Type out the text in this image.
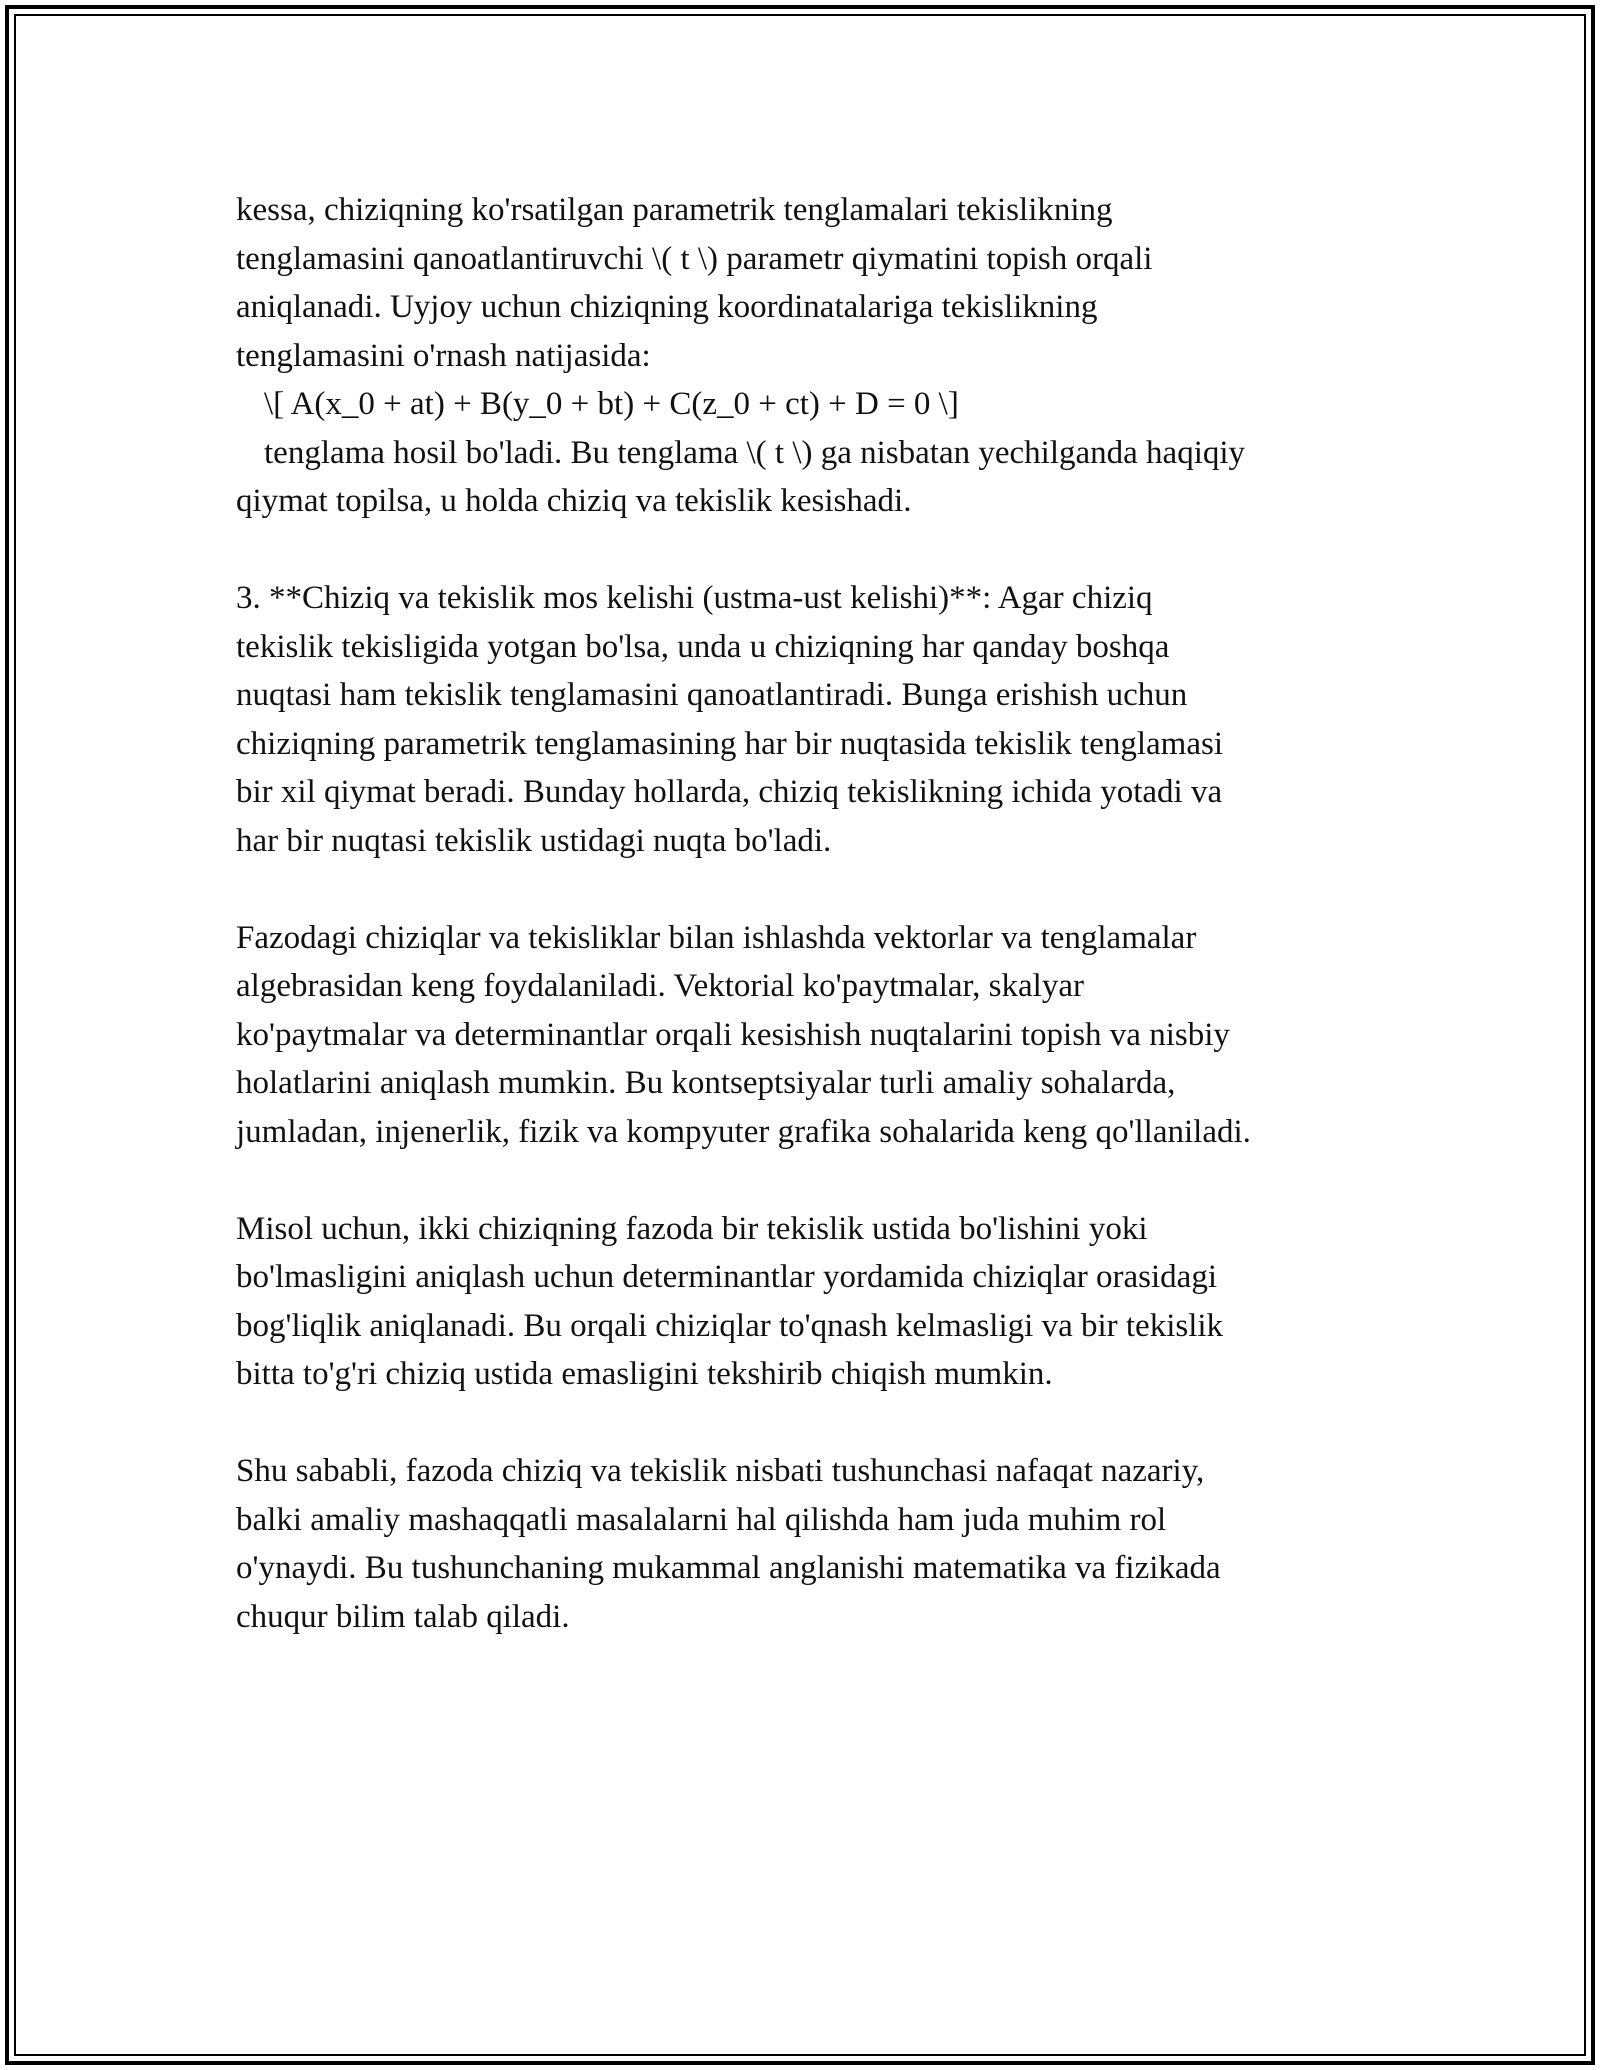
kessa, chiziqning ko'rsatilgan parametrik tenglamalari tekislikning
tenglamasini qanoatlantiruvchi \( t \) parametr qiymatini topish orqali
aniqlanadi. Uyjoy uchun chiziqning koordinatalariga tekislikning
tenglamasini o'rnash natijasida:
\[ A(x_0 + at) + B(y_0 + bt) + C(z_0 + ct) + D = 0 \]
tenglama hosil bo'ladi. Bu tenglama \( t \) ga nisbatan yechilganda haqiqiy
qiymat topilsa, u holda chiziq va tekislik kesishadi.

3. **Chiziq va tekislik mos kelishi (ustma-ust kelishi)**: Agar chiziq
tekislik tekisligida yotgan bo'lsa, unda u chiziqning har qanday boshqa
nuqtasi ham tekislik tenglamasini qanoatlantiradi. Bunga erishish uchun
chiziqning parametrik tenglamasining har bir nuqtasida tekislik tenglamasi
bir xil qiymat beradi. Bunday hollarda, chiziq tekislikning ichida yotadi va
har bir nuqtasi tekislik ustidagi nuqta bo'ladi.

Fazodagi chiziqlar va tekisliklar bilan ishlashda vektorlar va tenglamalar
algebrasidan keng foydalaniladi. Vektorial ko'paytmalar, skalyar
ko'paytmalar va determinantlar orqali kesishish nuqtalarini topish va nisbiy
holatlarini aniqlash mumkin. Bu kontseptsiyalar turli amaliy sohalarda,
jumladan, injenerlik, fizik va kompyuter grafika sohalarida keng qo'llaniladi.

Misol uchun, ikki chiziqning fazoda bir tekislik ustida bo'lishini yoki
bo'lmasligini aniqlash uchun determinantlar yordamida chiziqlar orasidagi
bog'liqlik aniqlanadi. Bu orqali chiziqlar to'qnash kelmasligi va bir tekislik
bitta to'g'ri chiziq ustida emasligini tekshirib chiqish mumkin.

Shu sababli, fazoda chiziq va tekislik nisbati tushunchasi nafaqat nazariy,
balki amaliy mashaqqatli masalalarni hal qilishda ham juda muhim rol
o'ynaydi. Bu tushunchaning mukammal anglanishi matematika va fizikada
chuqur bilim talab qiladi.
